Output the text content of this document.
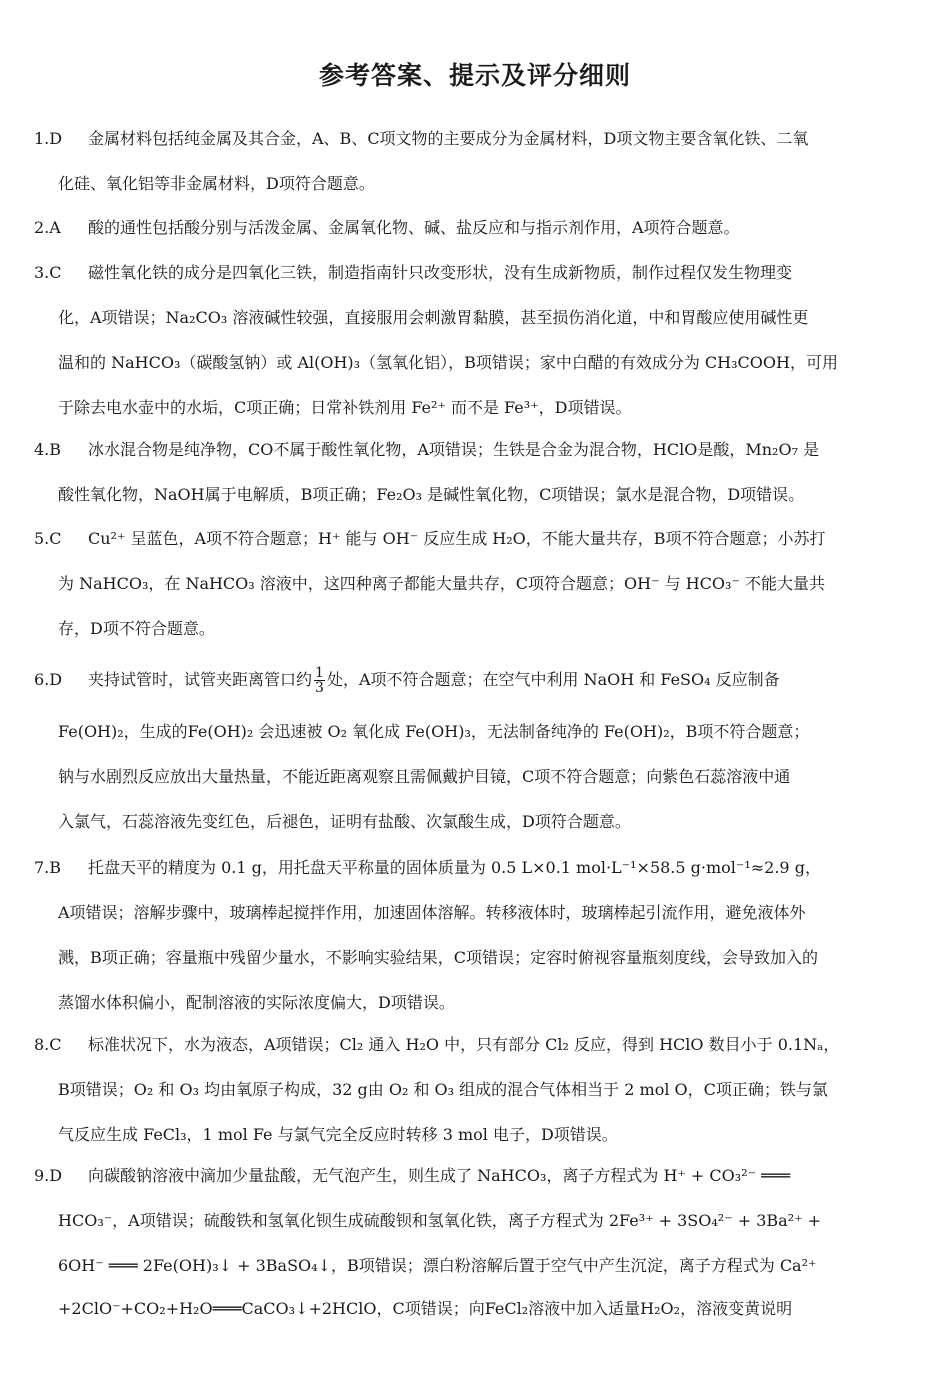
参考答案、提示及评分细则
1.D 金属材料包括纯金属及其合金，A、B、C项文物的主要成分为金属材料，D项文物主要含氧化铁、二氧
化硅、氧化铝等非金属材料，D项符合题意。
2.A 酸的通性包括酸分别与活泼金属、金属氧化物、碱、盐反应和与指示剂作用，A项符合题意。
3.C 磁性氧化铁的成分是四氧化三铁，制造指南针只改变形状，没有生成新物质，制作过程仅发生物理变
化，A项错误；Na₂CO₃ 溶液碱性较强，直接服用会刺激胃黏膜，甚至损伤消化道，中和胃酸应使用碱性更
温和的 NaHCO₃（碳酸氢钠）或 Al(OH)₃（氢氧化铝），B项错误；家中白醋的有效成分为 CH₃COOH，可用
于除去电水壶中的水垢，C项正确；日常补铁剂用 Fe²⁺ 而不是 Fe³⁺，D项错误。
4.B 冰水混合物是纯净物，CO不属于酸性氧化物，A项错误；生铁是合金为混合物，HClO是酸，Mn₂O₇ 是
酸性氧化物，NaOH属于电解质，B项正确；Fe₂O₃ 是碱性氧化物，C项错误；氯水是混合物，D项错误。
5.C Cu²⁺ 呈蓝色，A项不符合题意；H⁺ 能与 OH⁻ 反应生成 H₂O，不能大量共存，B项不符合题意；小苏打
为 NaHCO₃，在 NaHCO₃ 溶液中，这四种离子都能大量共存，C项符合题意；OH⁻ 与 HCO₃⁻ 不能大量共
存，D项不符合题意。
6.D 夹持试管时，试管夹距离管口约 $\frac{1}{3}$ 处，A项不符合题意；在空气中利用 NaOH 和 FeSO₄ 反应制备
Fe(OH)₂，生成的Fe(OH)₂ 会迅速被 O₂ 氧化成 Fe(OH)₃，无法制备纯净的 Fe(OH)₂，B项不符合题意；
钠与水剧烈反应放出大量热量，不能近距离观察且需佩戴护目镜，C项不符合题意；向紫色石蕊溶液中通
入氯气，石蕊溶液先变红色，后褪色，证明有盐酸、次氯酸生成，D项符合题意。
7.B 托盘天平的精度为 0.1 g，用托盘天平称量的固体质量为 0.5 L×0.1 mol·L⁻¹×58.5 g·mol⁻¹≈2.9 g，
A项错误；溶解步骤中，玻璃棒起搅拌作用，加速固体溶解。转移液体时，玻璃棒起引流作用，避免液体外
溅，B项正确；容量瓶中残留少量水，不影响实验结果，C项错误；定容时俯视容量瓶刻度线，会导致加入的
蒸馏水体积偏小，配制溶液的实际浓度偏大，D项错误。
8.C 标准状况下，水为液态，A项错误；Cl₂ 通入 H₂O 中，只有部分 Cl₂ 反应，得到 HClO 数目小于 0.1Nₐ，
B项错误；O₂ 和 O₃ 均由氧原子构成，32 g由 O₂ 和 O₃ 组成的混合气体相当于 2 mol O，C项正确；铁与氯
气反应生成 FeCl₃，1 mol Fe 与氯气完全反应时转移 3 mol 电子，D项错误。
9.D 向碳酸钠溶液中滴加少量盐酸，无气泡产生，则生成了 NaHCO₃，离子方程式为 H⁺ + CO₃²⁻ ═══
HCO₃⁻，A项错误；硫酸铁和氢氧化钡生成硫酸钡和氢氧化铁，离子方程式为 2Fe³⁺ + 3SO₄²⁻ + 3Ba²⁺ +
6OH⁻ ═══ 2Fe(OH)₃↓ + 3BaSO₄↓，B项错误；漂白粉溶解后置于空气中产生沉淀，离子方程式为 Ca²⁺
+2ClO⁻+CO₂+H₂O═══CaCO₃↓+2HClO，C项错误；向FeCl₂溶液中加入适量H₂O₂，溶液变黄说明
